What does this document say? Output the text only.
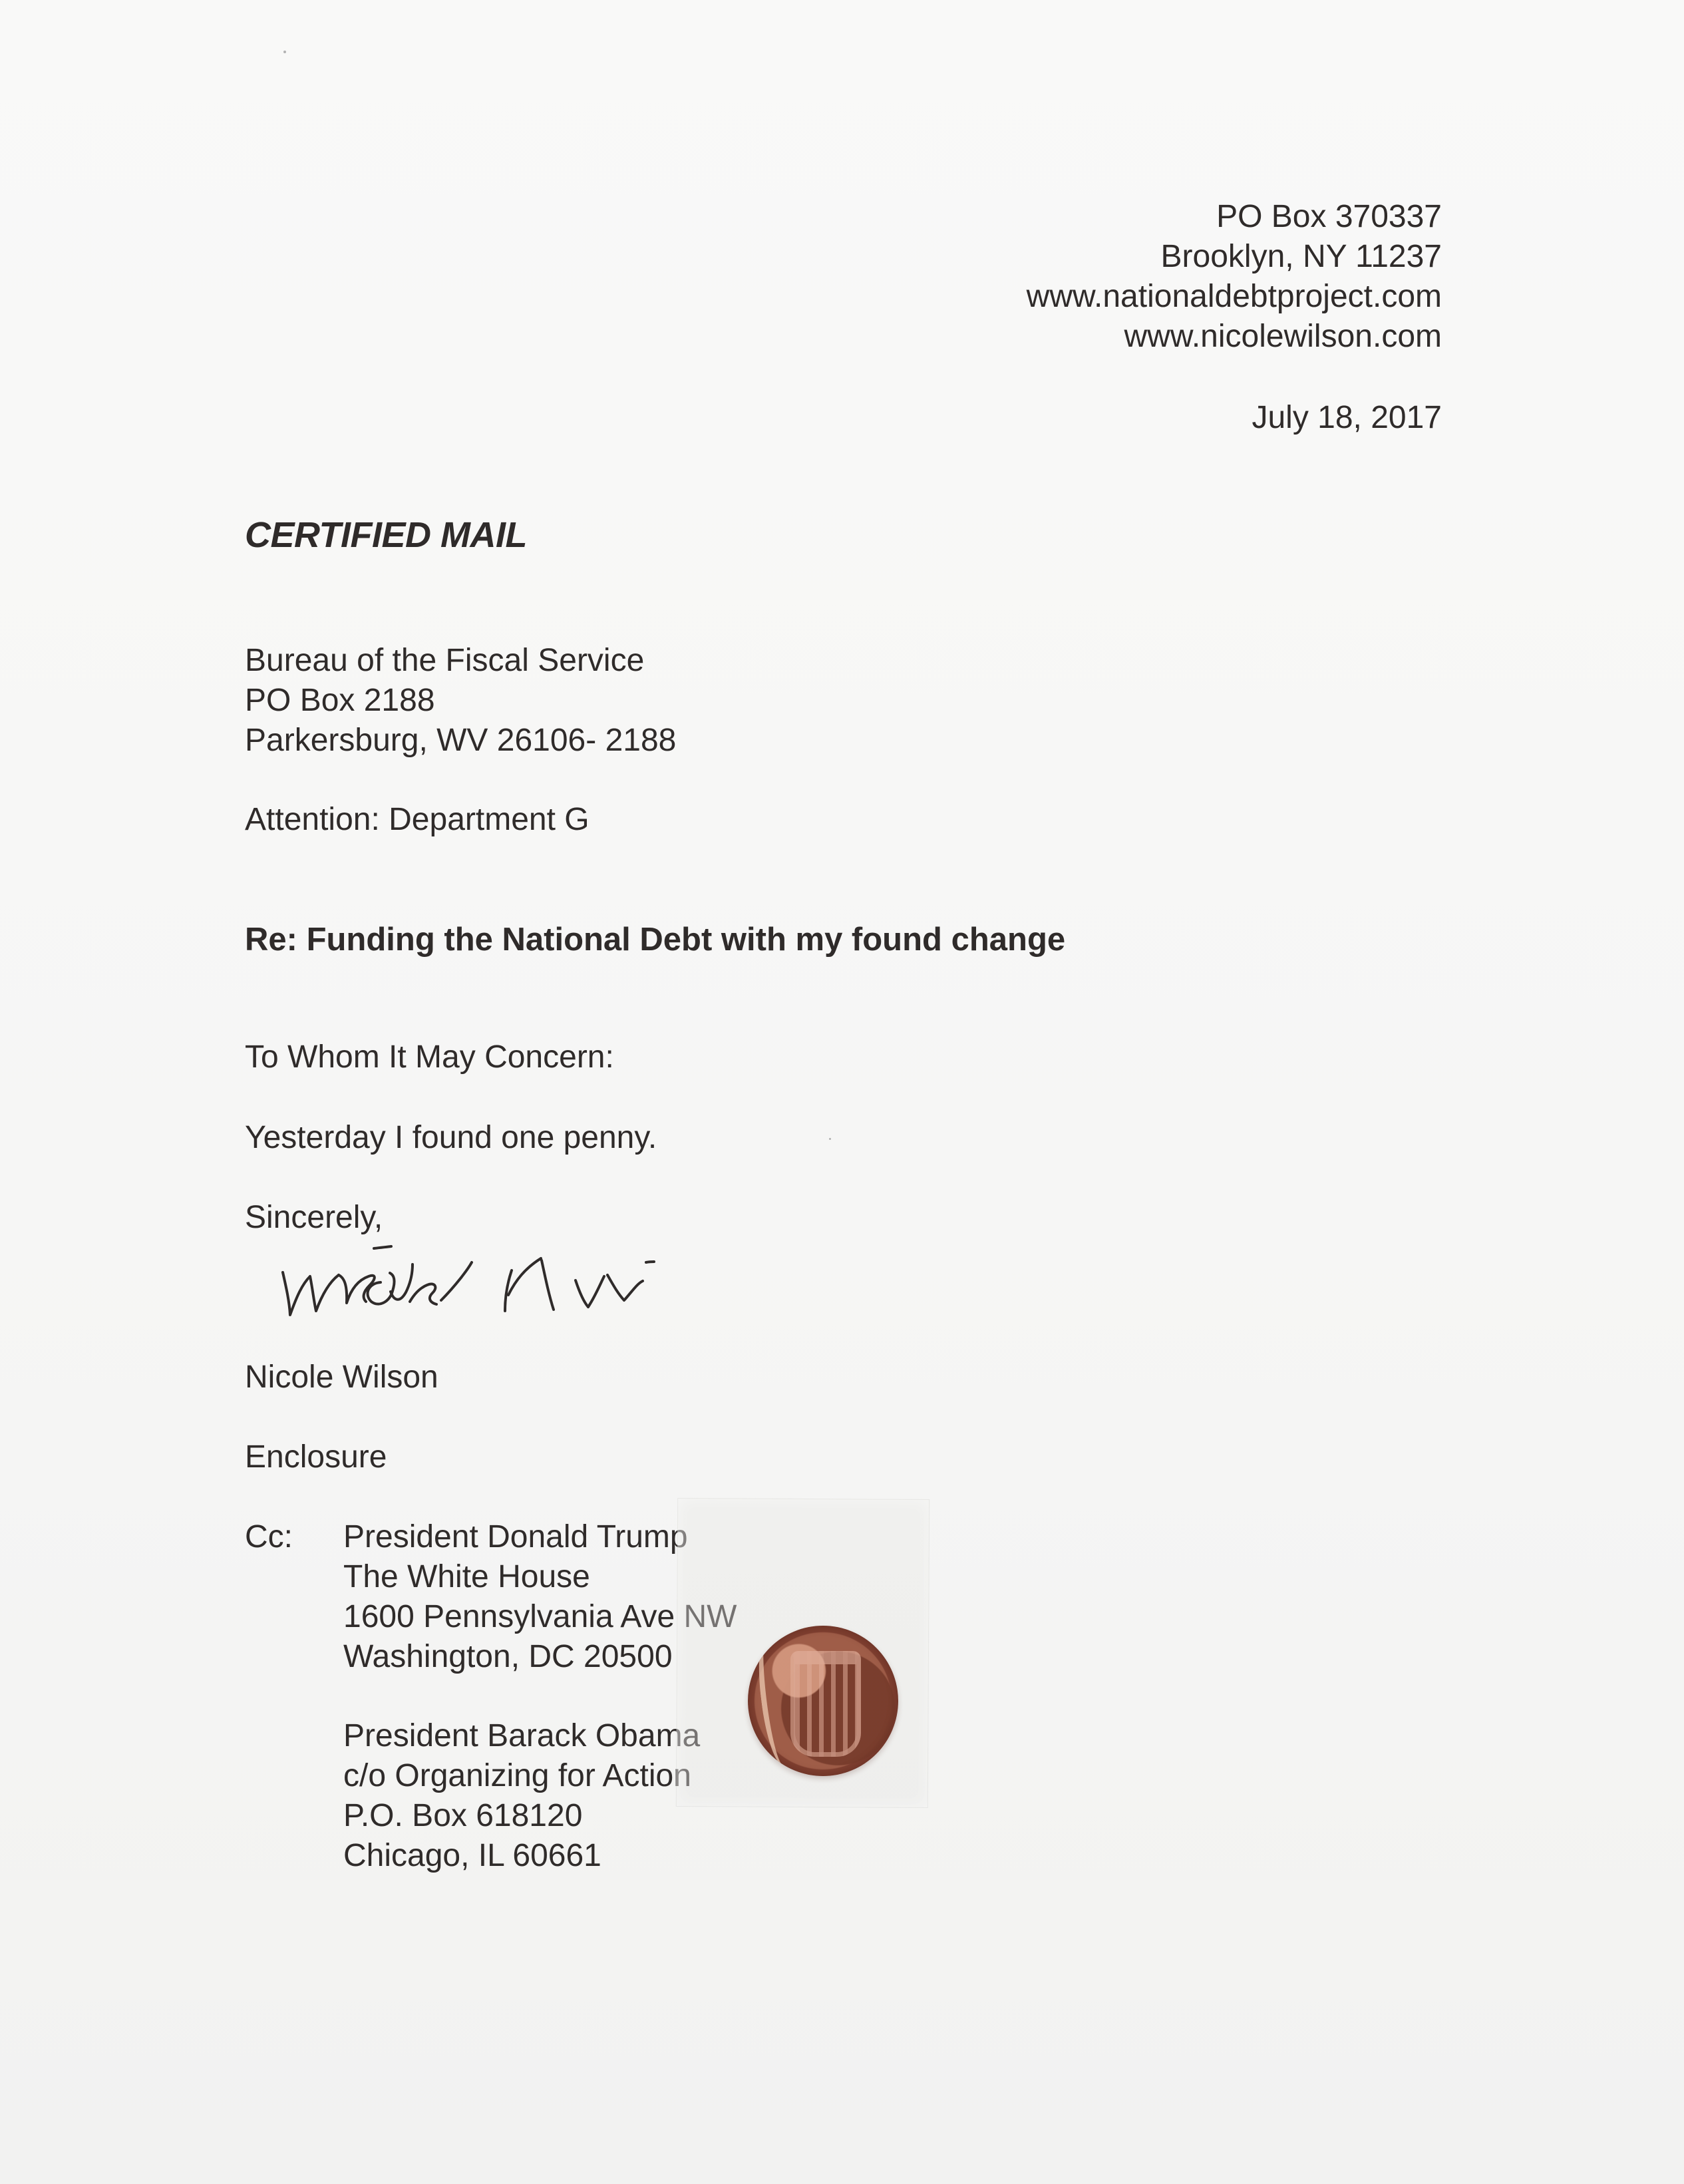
PO Box 370337
Brooklyn, NY 11237
www.nationaldebtproject.com
www.nicolewilson.com
July 18, 2017
CERTIFIED MAIL
Bureau of the Fiscal Service
PO Box 2188
Parkersburg, WV 26106- 2188
Attention: Department G
Re: Funding the National Debt with my found change
To Whom It May Concern:
Yesterday I found one penny.
Sincerely,
Nicole Wilson
Enclosure
Cc: President Donald Trump
The White House
1600 Pennsylvania Ave NW
Washington, DC 20500
President Barack Obama
c/o Organizing for Action
P.O. Box 618120
Chicago, IL 60661
